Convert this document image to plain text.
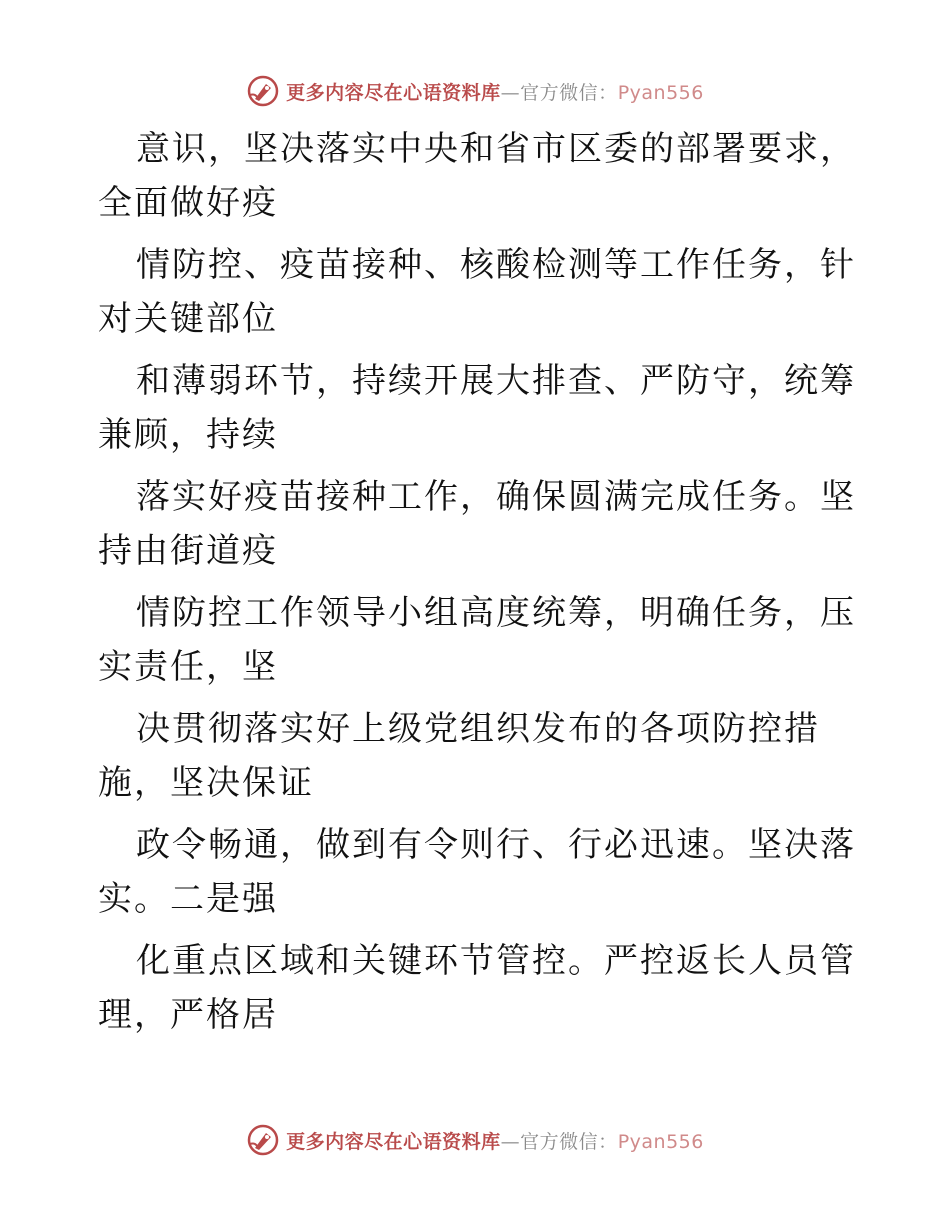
更多内容尽在心语资料库—官方微信：Pyan556

意识，坚决落实中央和省市区委的部署要求，全面做好疫

情防控、疫苗接种、核酸检测等工作任务，针对关键部位

和薄弱环节，持续开展大排查、严防守，统筹兼顾，持续

落实好疫苗接种工作，确保圆满完成任务。坚持由街道疫

情防控工作领导小组高度统筹，明确任务，压实责任，坚

决贯彻落实好上级党组织发布的各项防控措施，坚决保证

政令畅通，做到有令则行、行必迅速。坚决落实。二是强

化重点区域和关键环节管控。严控返长人员管理，严格居

更多内容尽在心语资料库—官方微信：Pyan556
